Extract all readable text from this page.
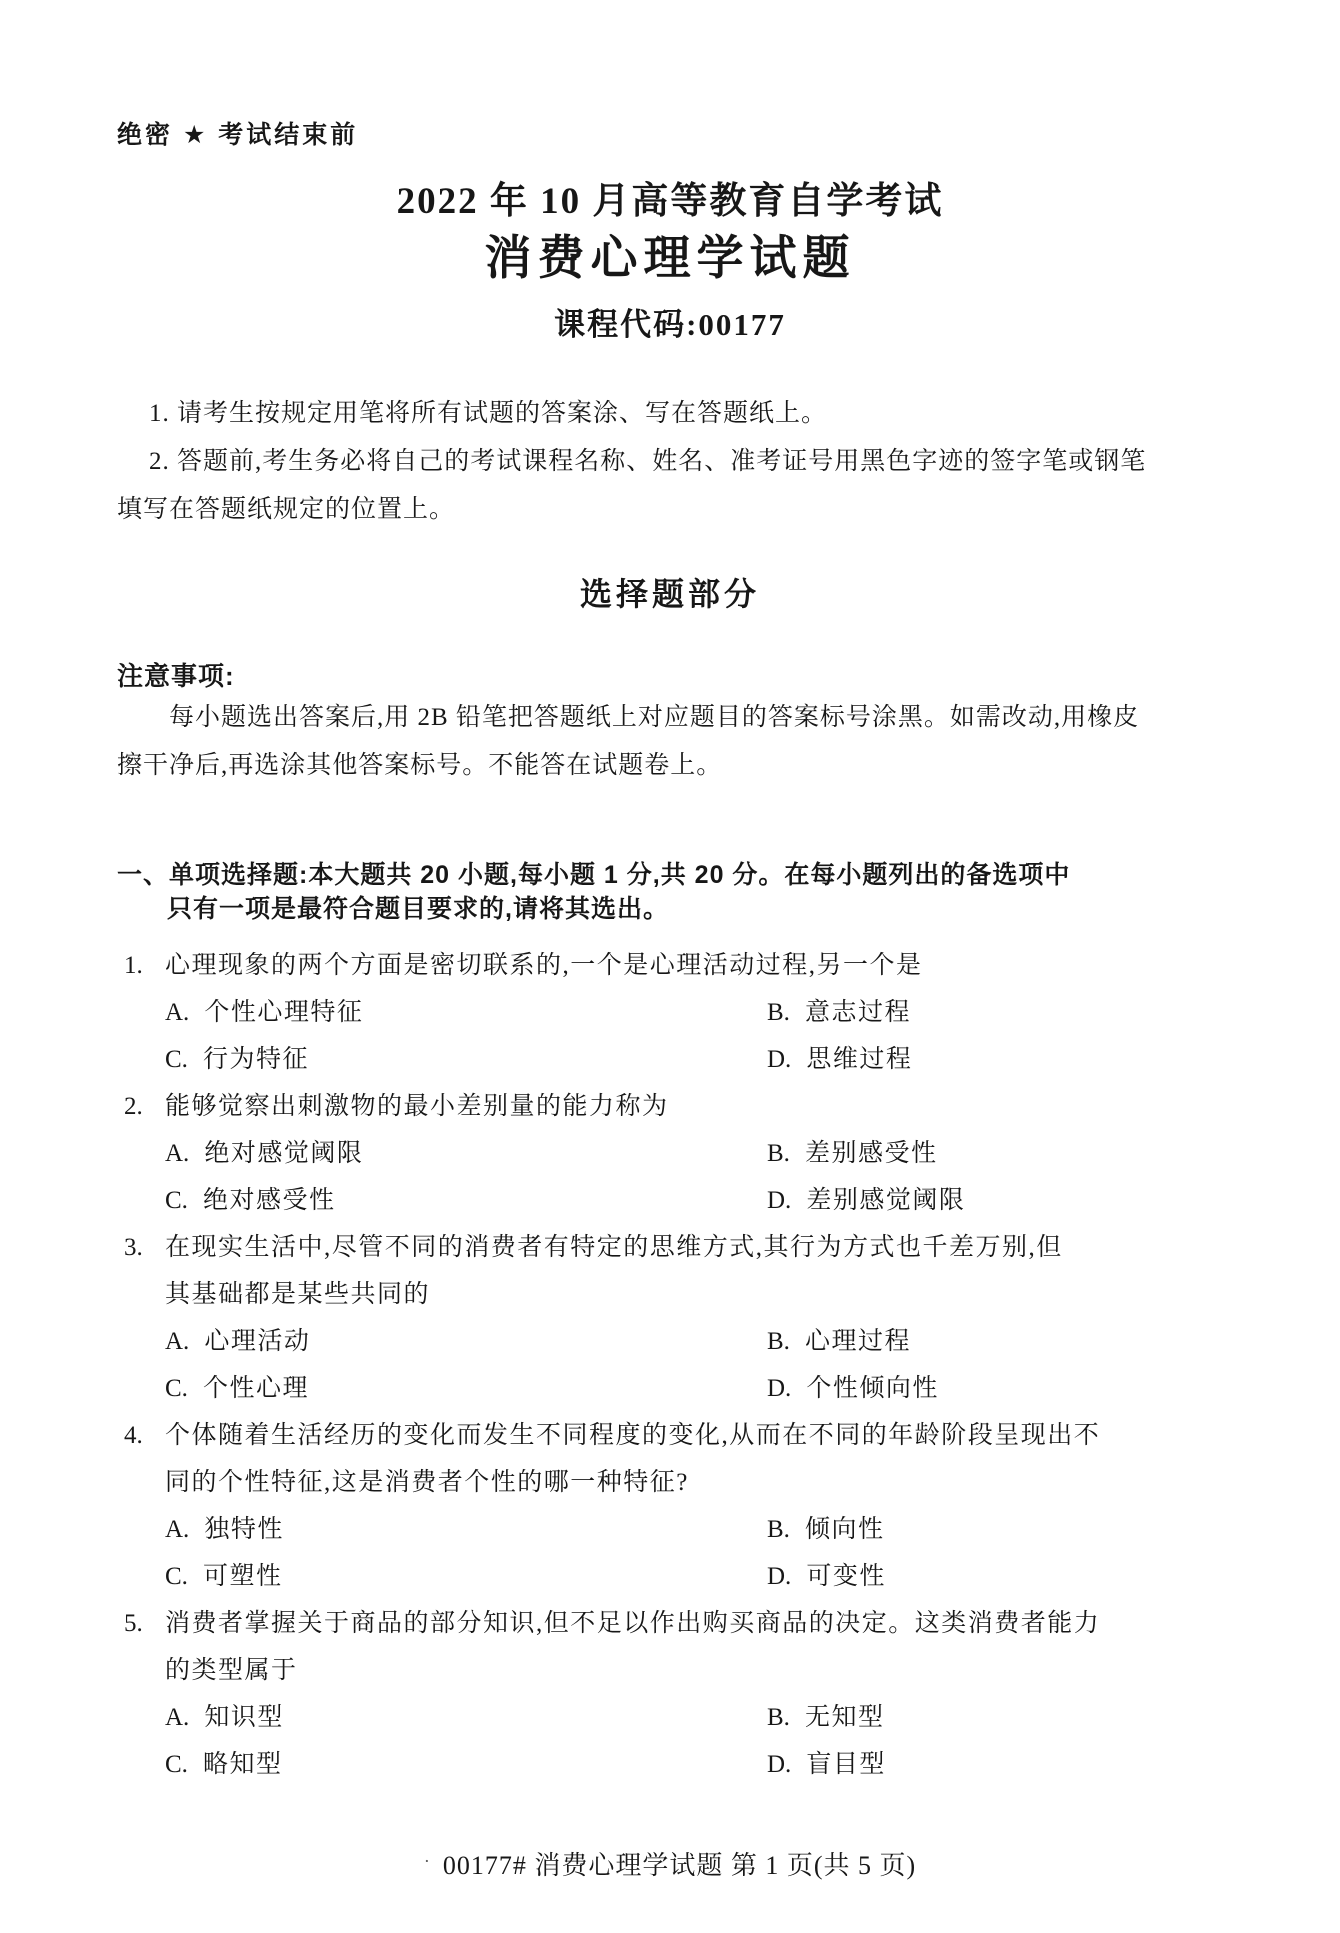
绝密 ★ 考试结束前
2022 年 10 月高等教育自学考试
消费心理学试题
课程代码:00177
1. 请考生按规定用笔将所有试题的答案涂、写在答题纸上。
2. 答题前,考生务必将自己的考试课程名称、姓名、准考证号用黑色字迹的签字笔或钢笔
填写在答题纸规定的位置上。
选择题部分
注意事项:
每小题选出答案后,用 2B 铅笔把答题纸上对应题目的答案标号涂黑。如需改动,用橡皮
擦干净后,再选涂其他答案标号。不能答在试题卷上。
一、单项选择题:本大题共 20 小题,每小题 1 分,共 20 分。在每小题列出的备选项中
只有一项是最符合题目要求的,请将其选出。
1. 心理现象的两个方面是密切联系的,一个是心理活动过程,另一个是
A. 个性心理特征	B. 意志过程
C. 行为特征	D. 思维过程
2. 能够觉察出刺激物的最小差别量的能力称为
A. 绝对感觉阈限	B. 差别感受性
C. 绝对感受性	D. 差别感觉阈限
3. 在现实生活中,尽管不同的消费者有特定的思维方式,其行为方式也千差万别,但
其基础都是某些共同的
A. 心理活动	B. 心理过程
C. 个性心理	D. 个性倾向性
4. 个体随着生活经历的变化而发生不同程度的变化,从而在不同的年龄阶段呈现出不
同的个性特征,这是消费者个性的哪一种特征?
A. 独特性	B. 倾向性
C. 可塑性	D. 可变性
5. 消费者掌握关于商品的部分知识,但不足以作出购买商品的决定。这类消费者能力
的类型属于
A. 知识型	B. 无知型
C. 略知型	D. 盲目型
· 00177# 消费心理学试题 第 1 页(共 5 页)
